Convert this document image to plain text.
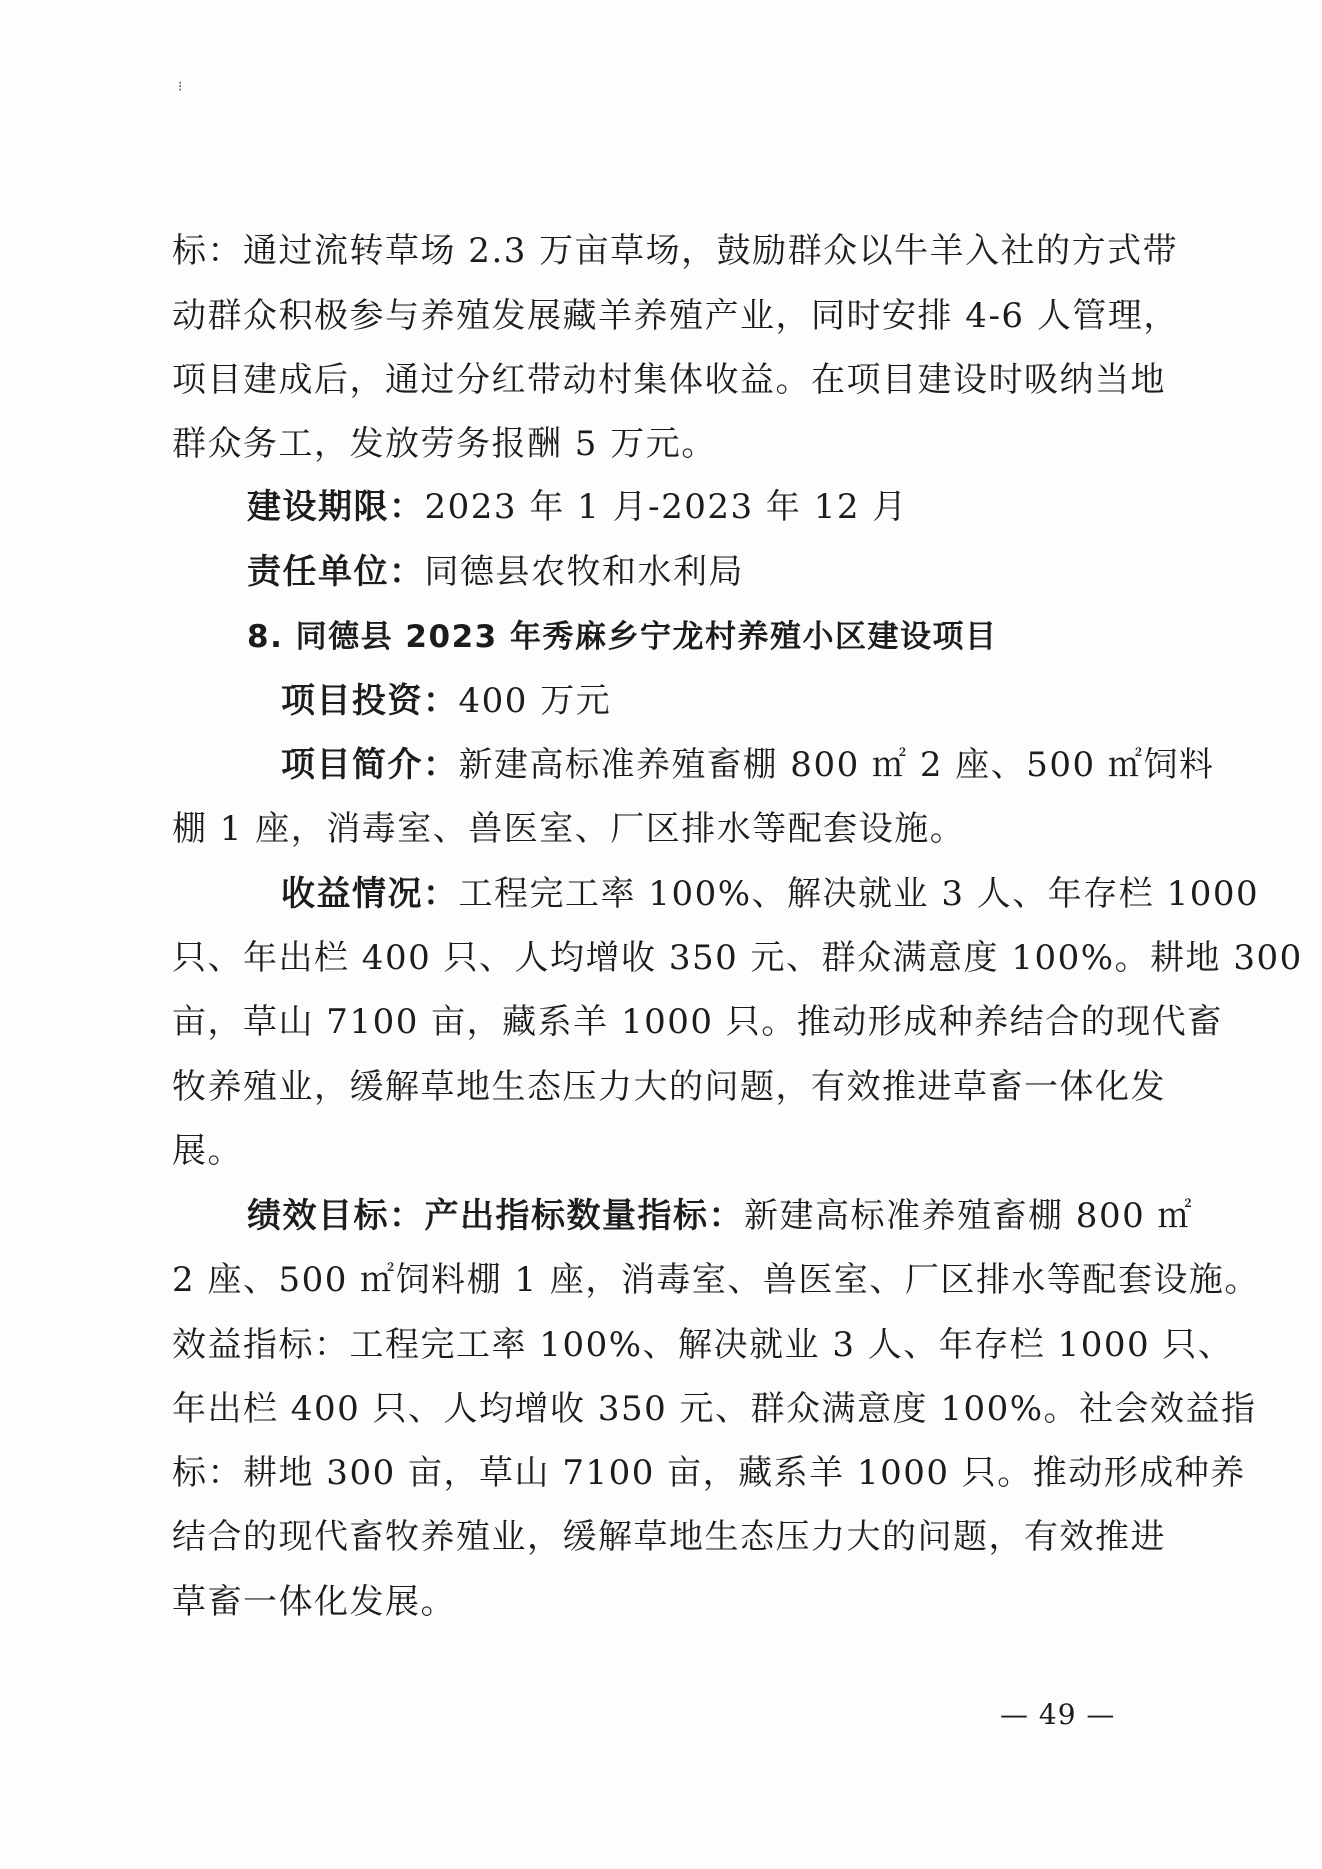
⁝
标：通过流转草场 2.3 万亩草场，鼓励群众以牛羊入社的方式带
动群众积极参与养殖发展藏羊养殖产业，同时安排 4-6 人管理，
项目建成后，通过分红带动村集体收益。在项目建设时吸纳当地
群众务工，发放劳务报酬 5 万元。
建设期限：2023 年 1 月-2023 年 12 月
责任单位：同德县农牧和水利局
8. 同德县 2023 年秀麻乡宁龙村养殖小区建设项目
项目投资：400 万元
项目简介：新建高标准养殖畜棚 800 ㎡ 2 座、500 ㎡饲料
棚 1 座，消毒室、兽医室、厂区排水等配套设施。
收益情况：工程完工率 100%、解决就业 3 人、年存栏 1000
只、年出栏 400 只、人均增收 350 元、群众满意度 100%。耕地 300
亩，草山 7100 亩，藏系羊 1000 只。推动形成种养结合的现代畜
牧养殖业，缓解草地生态压力大的问题，有效推进草畜一体化发
展。
绩效目标：产出指标数量指标：新建高标准养殖畜棚 800 ㎡
2 座、500 ㎡饲料棚 1 座，消毒室、兽医室、厂区排水等配套设施。
效益指标：工程完工率 100%、解决就业 3 人、年存栏 1000 只、
年出栏 400 只、人均增收 350 元、群众满意度 100%。社会效益指
标：耕地 300 亩，草山 7100 亩，藏系羊 1000 只。推动形成种养
结合的现代畜牧养殖业，缓解草地生态压力大的问题，有效推进
草畜一体化发展。
— 49 —
